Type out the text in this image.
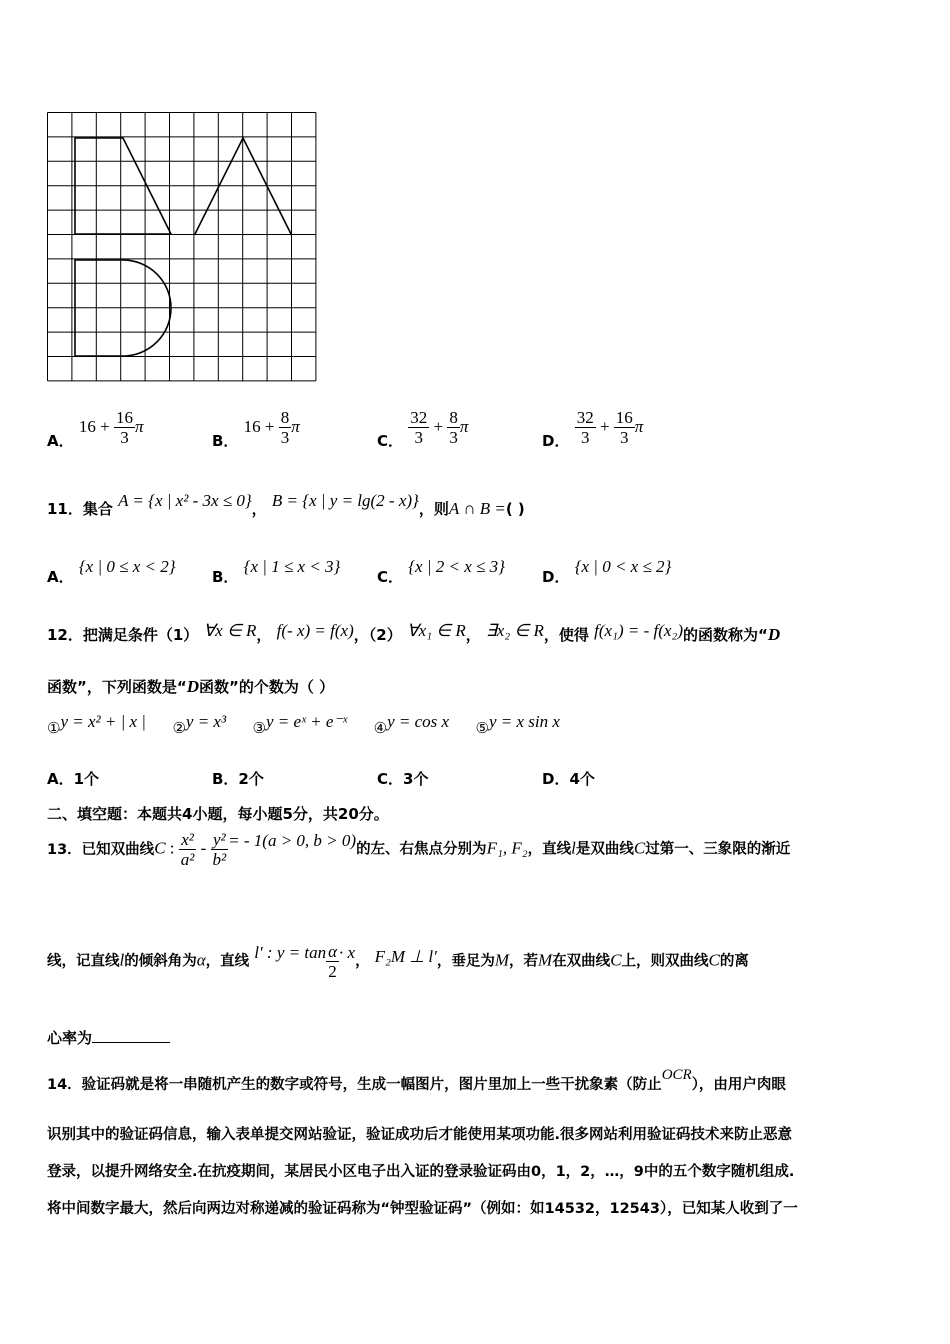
A． $16 + \frac{16}{3}$ π
B． $16 + \frac{8}{3}$ π
C． $\frac{32}{3} + \frac{8}{3}$ π
D． $\frac{32}{3} + \frac{16}{3}$ π
11．集合 A = {x | x² - 3x ≤ 0}， B = {x | y = lg(2 - x)}，则A ∩ B =( )
A． {x | 0 ≤ x < 2}
B． {x | 1 ≤ x < 3}
C． {x | 2 < x ≤ 3}
D． {x | 0 < x ≤ 2}
12．把满足条件（1） ∀x ∈ R， f(- x) = f(x)，（2） ∀x₁ ∈ R， ∃x₂ ∈ R，使得 f(x₁) = - f(x₂)的函数称为“D
函数”，下列函数是“D函数”的个数为（ ）
①y = x² + | x | ②y = x³ ③y = eˣ + e⁻ˣ ④y = cos x ⑤y = x sin x
A．1个	B．2个	C．3个	D．4个
二、填空题：本题共4小题，每小题5分，共20分。
13．已知双曲线C : $\frac{\text{x²}}{\text{a²}} - \frac{\text{y²}}{\text{b²}}$ = - 1(a > 0, b > 0)的左、右焦点分别为F₁, F₂，直线l是双曲线C过第一、三象限的渐近
线，记直线l的倾斜角为α，直线 l′ : $y = \tan \frac{\alpha}{2} \cdot x$， F₂M ⊥ l′，垂足为M，若M在双曲线C上，则双曲线C的离
心率为
14．验证码就是将一串随机产生的数字或符号，生成一幅图片，图片里加上一些干扰象素（防止OCR），由用户肉眼
识别其中的验证码信息，输入表单提交网站验证，验证成功后才能使用某项功能.很多网站利用验证码技术来防止恶意
登录，以提升网络安全.在抗疫期间，某居民小区电子出入证的登录验证码由0，1，2，…，9中的五个数字随机组成.
将中间数字最大，然后向两边对称递减的验证码称为“钟型验证码”（例如：如14532，12543），已知某人收到了一
